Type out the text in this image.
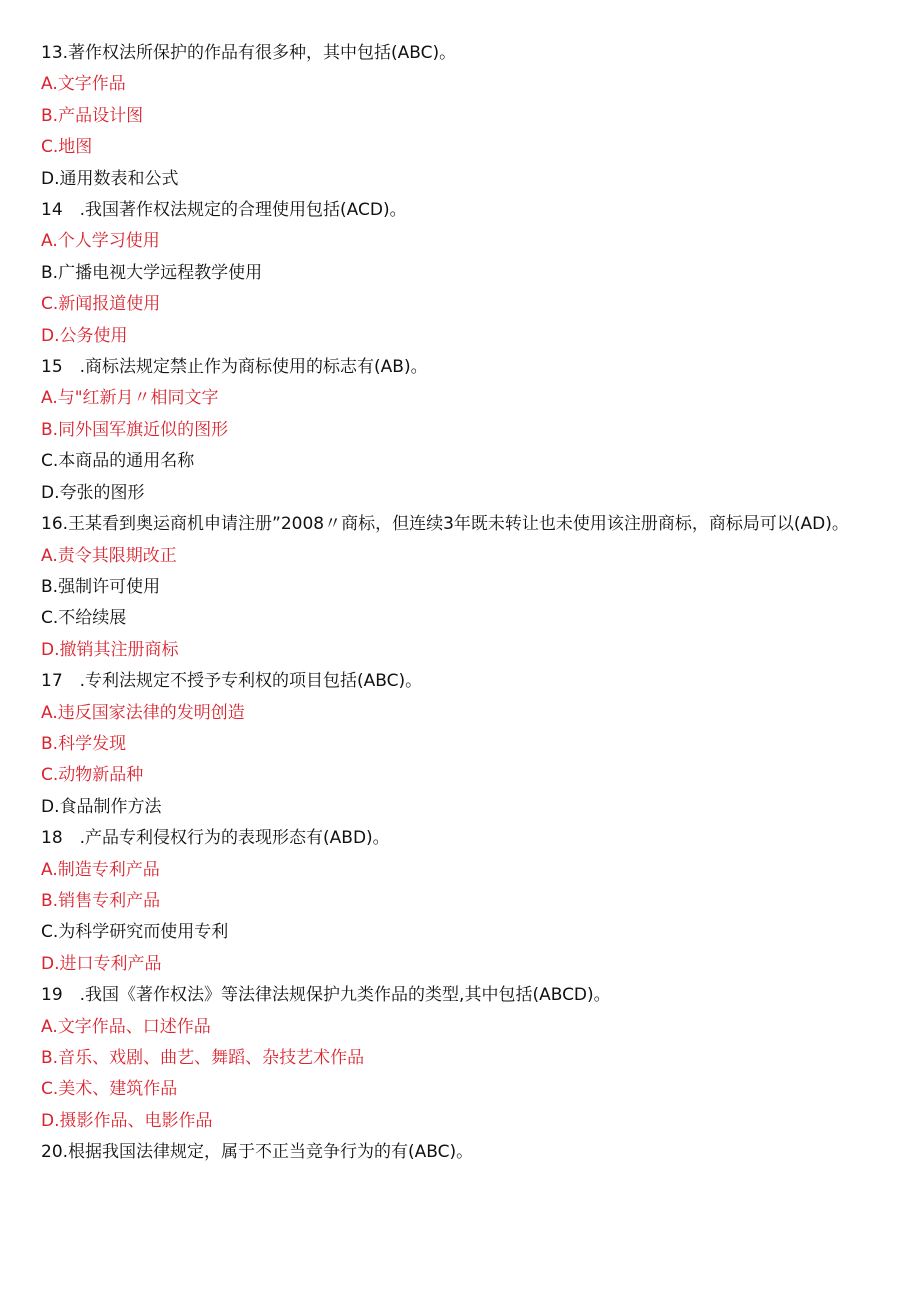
13.著作权法所保护的作品有很多种，其中包括(ABC)。
A.文字作品
B.产品设计图
C.地图
D.通用数表和公式
14　.我国著作权法规定的合理使用包括(ACD)。
A.个人学习使用
B.广播电视大学远程教学使用
C.新闻报道使用
D.公务使用
15　.商标法规定禁止作为商标使用的标志有(AB)。
A.与"红新月〃相同文字
B.同外国军旗近似的图形
C.本商品的通用名称
D.夸张的图形
16.王某看到奥运商机申请注册”2008〃商标，但连续3年既未转让也未使用该注册商标，商标局可以(AD)。
A.责令其限期改正
B.强制许可使用
C.不给续展
D.撤销其注册商标
17　.专利法规定不授予专利权的项目包括(ABC)。
A.违反国家法律的发明创造
B.科学发现
C.动物新品种
D.食品制作方法
18　.产品专利侵权行为的表现形态有(ABD)。
A.制造专利产品
B.销售专利产品
C.为科学研究而使用专利
D.进口专利产品
19　.我国《著作权法》等法律法规保护九类作品的类型,其中包括(ABCD)。
A.文字作品、口述作品
B.音乐、戏剧、曲艺、舞蹈、杂技艺术作品
C.美术、建筑作品
D.摄影作品、电影作品
20.根据我国法律规定，属于不正当竞争行为的有(ABC)。
